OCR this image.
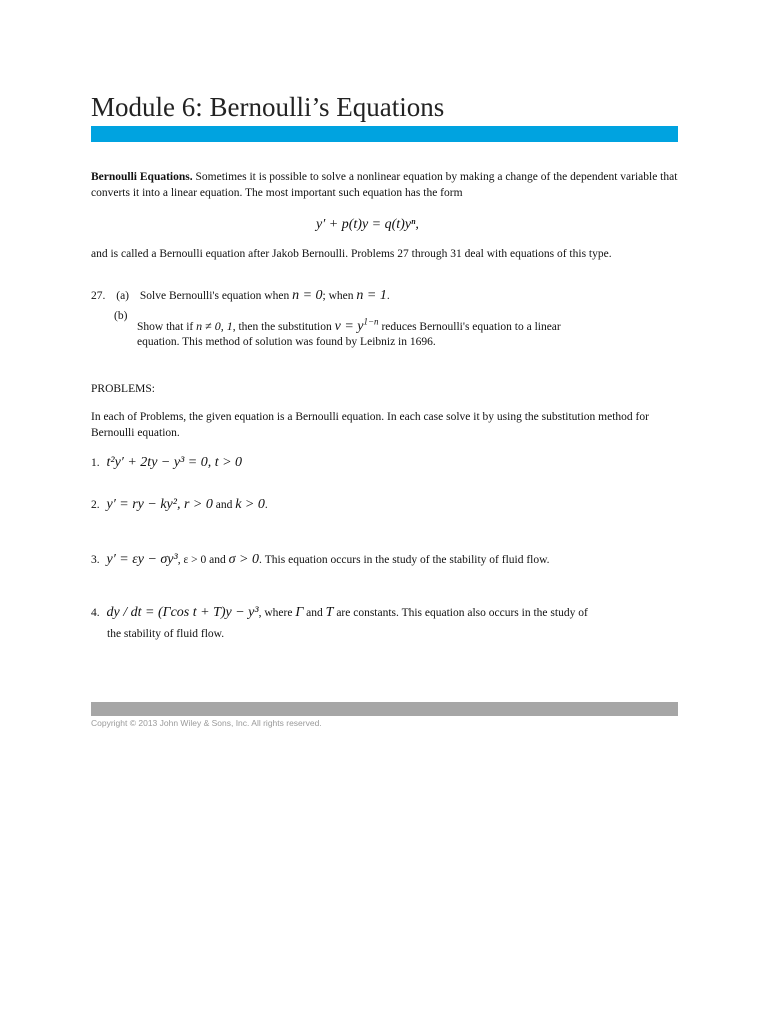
Module 6: Bernoulli’s Equations
Bernoulli Equations. Sometimes it is possible to solve a nonlinear equation by making a change of the dependent variable that converts it into a linear equation. The most important such equation has the form
y′ + p(t)y = q(t)yⁿ,
and is called a Bernoulli equation after Jakob Bernoulli. Problems 27 through 31 deal with equations of this type.
27. (a) Solve Bernoulli's equation when n = 0; when n = 1.
(b)
Show that if n ≠ 0, 1, then the substitution $v = y^{1-n}$ reduces Bernoulli's equation to a linear
equation. This method of solution was found by Leibniz in 1696.
PROBLEMS:
In each of Problems, the given equation is a Bernoulli equation. In each case solve it by using the substitution method for Bernoulli equation.
1. t²y′ + 2ty − y³ = 0, t > 0
2. y′ = ry − ky², r > 0 and k > 0.
3. y′ = εy − σy³, ε > 0 and σ > 0. This equation occurs in the study of the stability of fluid flow.
4. dy / dt = (Γcos t + T)y − y³, where Γ and T are constants. This equation also occurs in the study of
the stability of fluid flow.
Copyright © 2013 John Wiley & Sons, Inc. All rights reserved.
